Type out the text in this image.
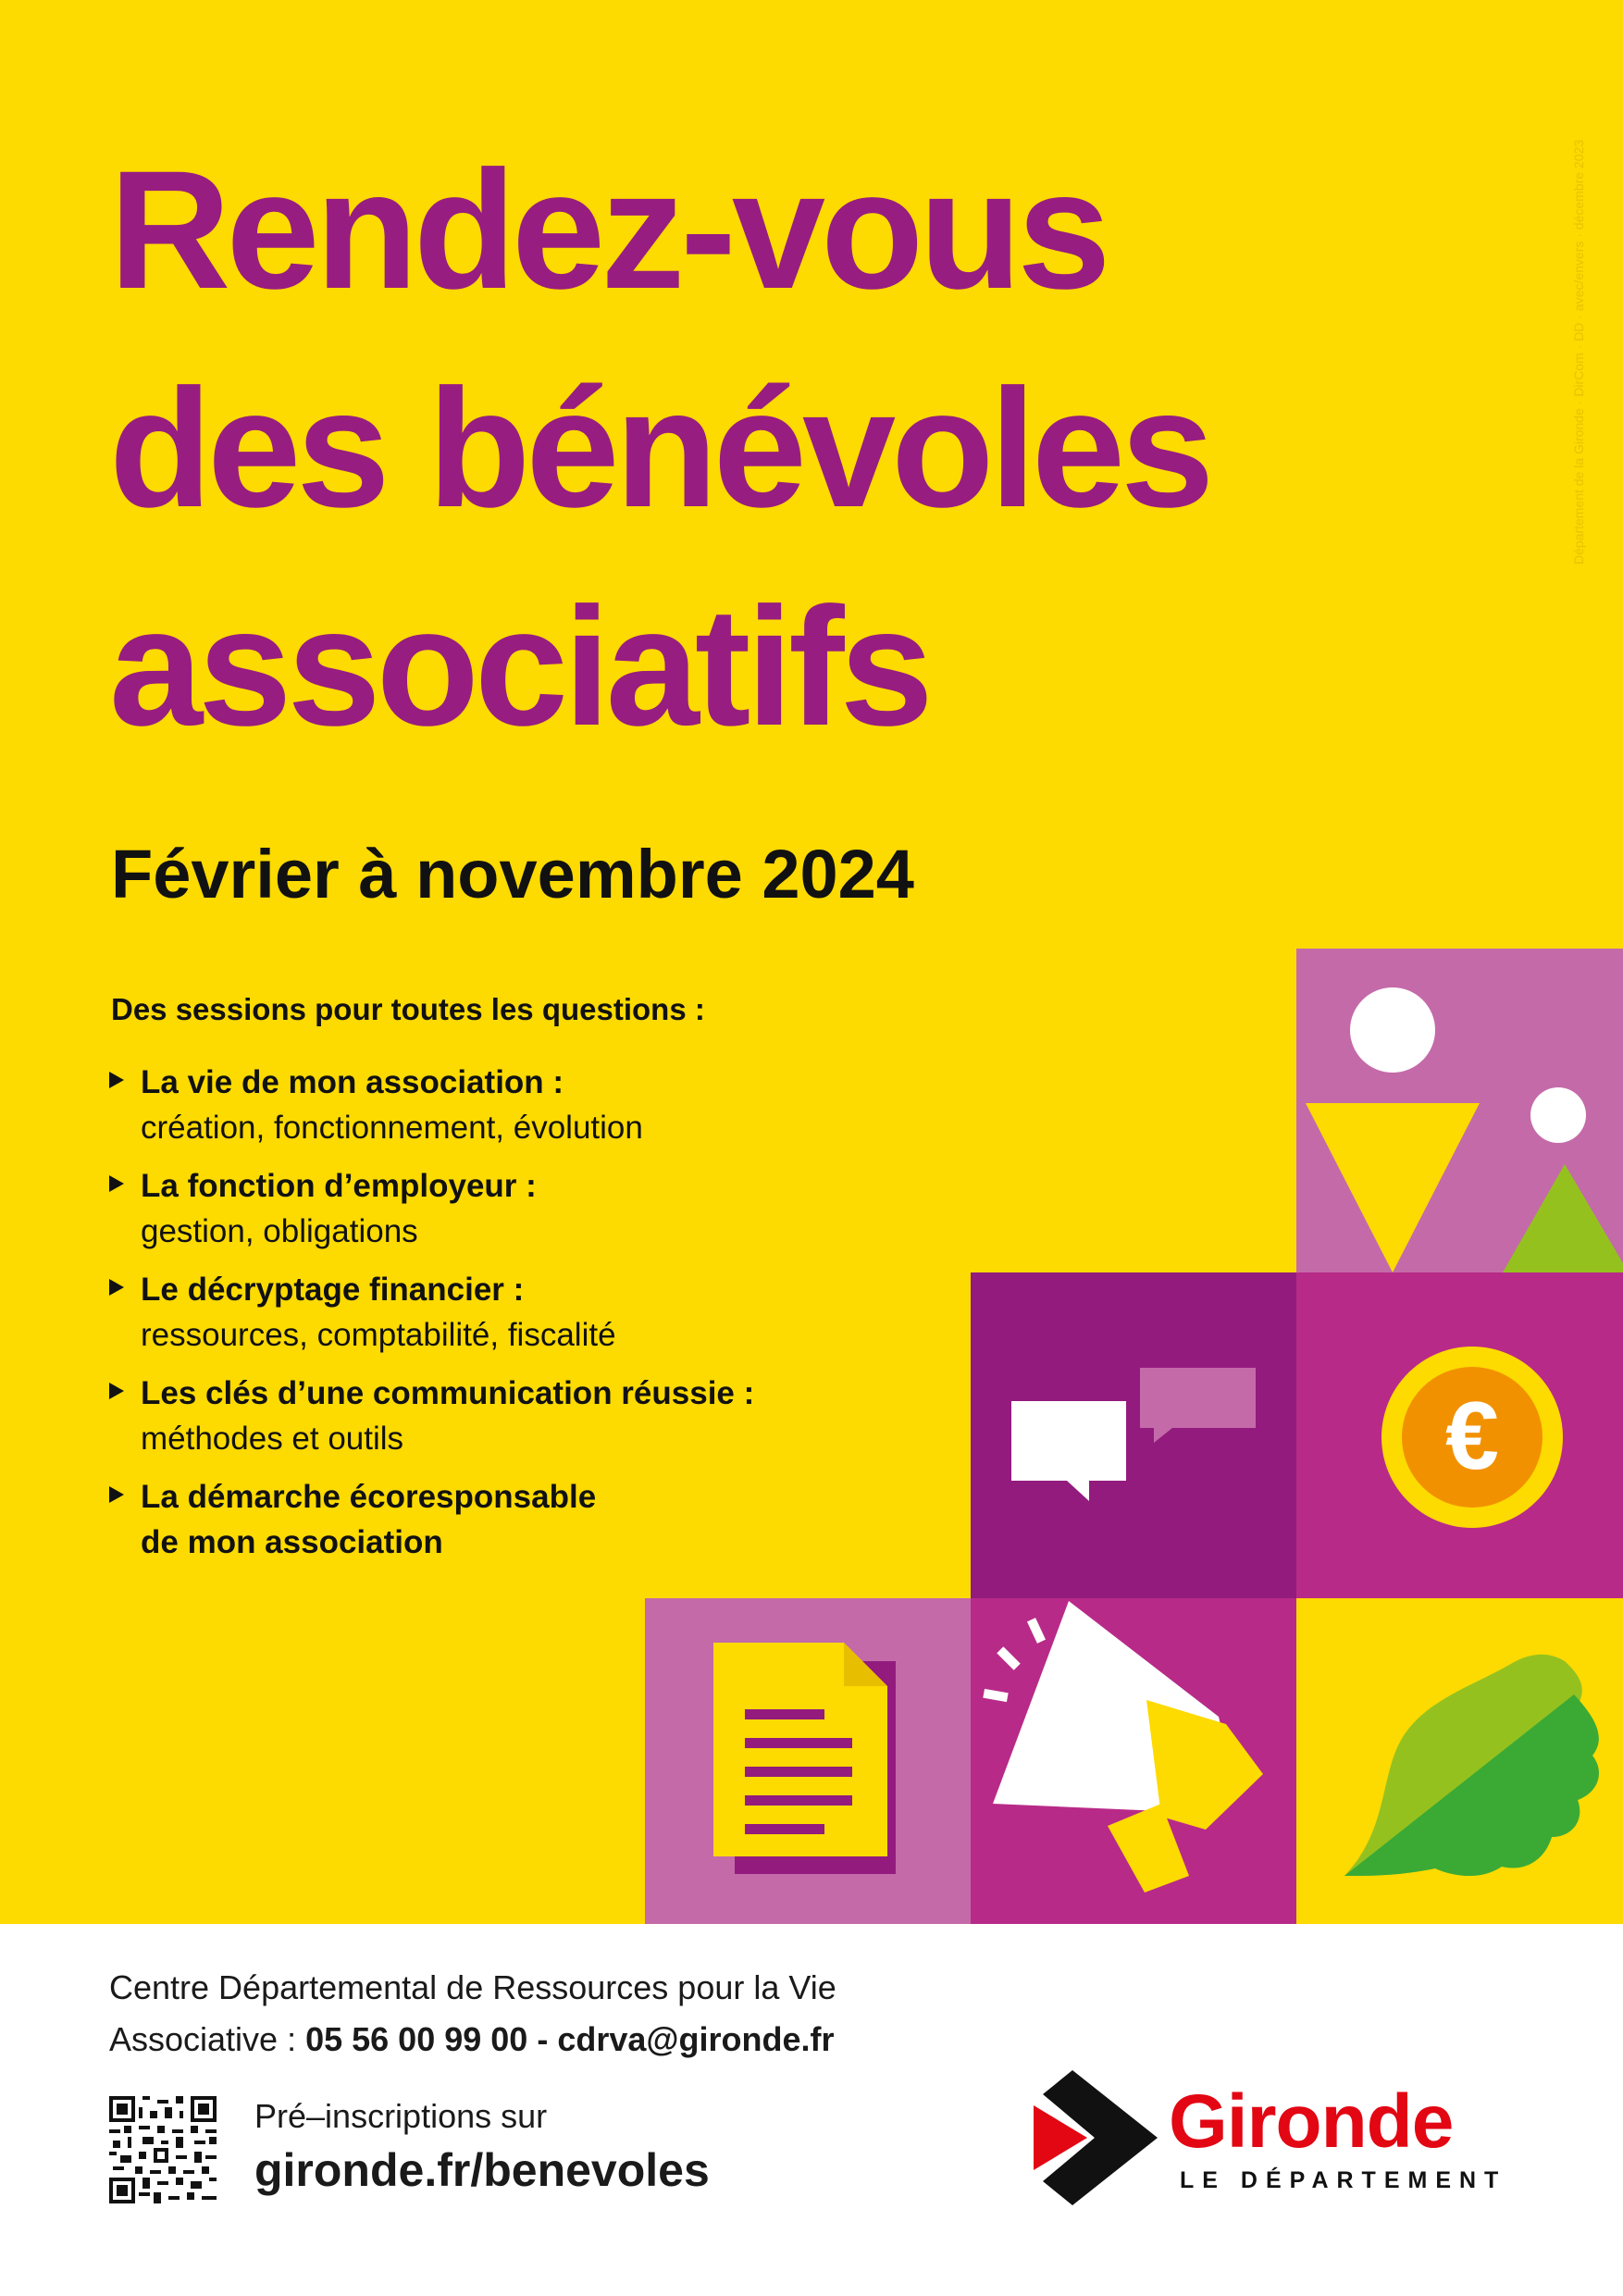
Rendez-vous
des bénévoles
associatifs
Département de la Gironde · DirCom · DD · avec/envers · décembre 2023
Février à novembre 2024
Des sessions pour toutes les questions :
La vie de mon association :
création, fonctionnement, évolution
La fonction d’employeur :
gestion, obligations
Le décryptage financier :
ressources, comptabilité, fiscalité
Les clés d’une communication réussie :
méthodes et outils
La démarche écoresponsable
de mon association
€
Centre Départemental de Ressources pour la Vie
Associative : 05 56 00 99 00 - cdrva@gironde.fr
Pré–inscriptions sur
gironde.fr/benevoles
Gironde
LE DÉPARTEMENT
